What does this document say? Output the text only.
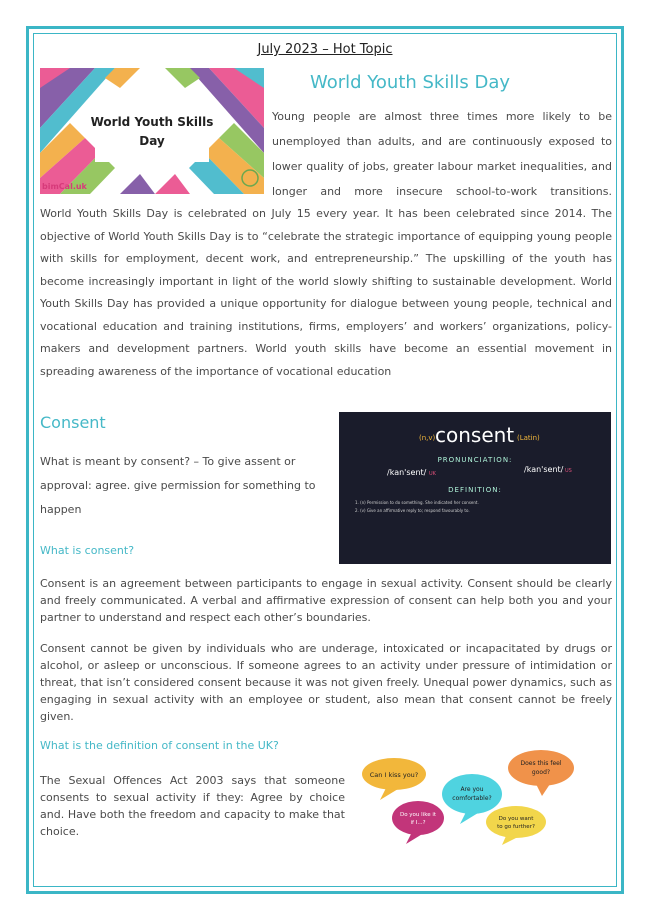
July 2023 – Hot Topic
World Youth Skills
Day
bimCal.uk
World Youth Skills Day
Young people are almost three times more likely to be unemployed than adults, and are continuously exposed to lower quality of jobs, greater labour market inequalities, and longer and more insecure school-to-work transitions.
World Youth Skills Day is celebrated on July 15 every year. It has been celebrated since 2014. The objective of World Youth Skills Day is to “celebrate the strategic importance of equipping young people with skills for employment, decent work, and entrepreneurship.” The upskilling of the youth has become increasingly important in light of the world slowly shifting to sustainable development. World Youth Skills Day has provided a unique opportunity for dialogue between young people, technical and vocational education and training institutions, firms, employers’ and workers’ organizations, policy-makers and development partners. World youth skills have become an essential movement in spreading awareness of the importance of vocational education
Consent
What is meant by consent? – To give assent or approval: agree. give permission for something to happen
(n,v) consent (Latin)
PRONUNCIATION:
/kan'sent/ UK	/kan'sent/ US
DEFINITION:
1. (n) Permission to do something. She indicated her consent.
2. (v) Give an affirmative reply to; respond favourably to.
What is consent?
Consent is an agreement between participants to engage in sexual activity. Consent should be clearly and freely communicated. A verbal and affirmative expression of consent can help both you and your partner to understand and respect each other’s boundaries.
Consent cannot be given by individuals who are underage, intoxicated or incapacitated by drugs or alcohol, or asleep or unconscious. If someone agrees to an activity under pressure of intimidation or threat, that isn’t considered consent because it was not given freely. Unequal power dynamics, such as engaging in sexual activity with an employee or student, also mean that consent cannot be freely given.
What is the definition of consent in the UK?
The Sexual Offences Act 2003 says that someone consents to sexual activity if they: Agree by choice and. Have both the freedom and capacity to make that choice.
Can I kiss you?
Are you
comfortable?
Does this feel
good?
Do you like it
if I...?
Do you want
to go further?
